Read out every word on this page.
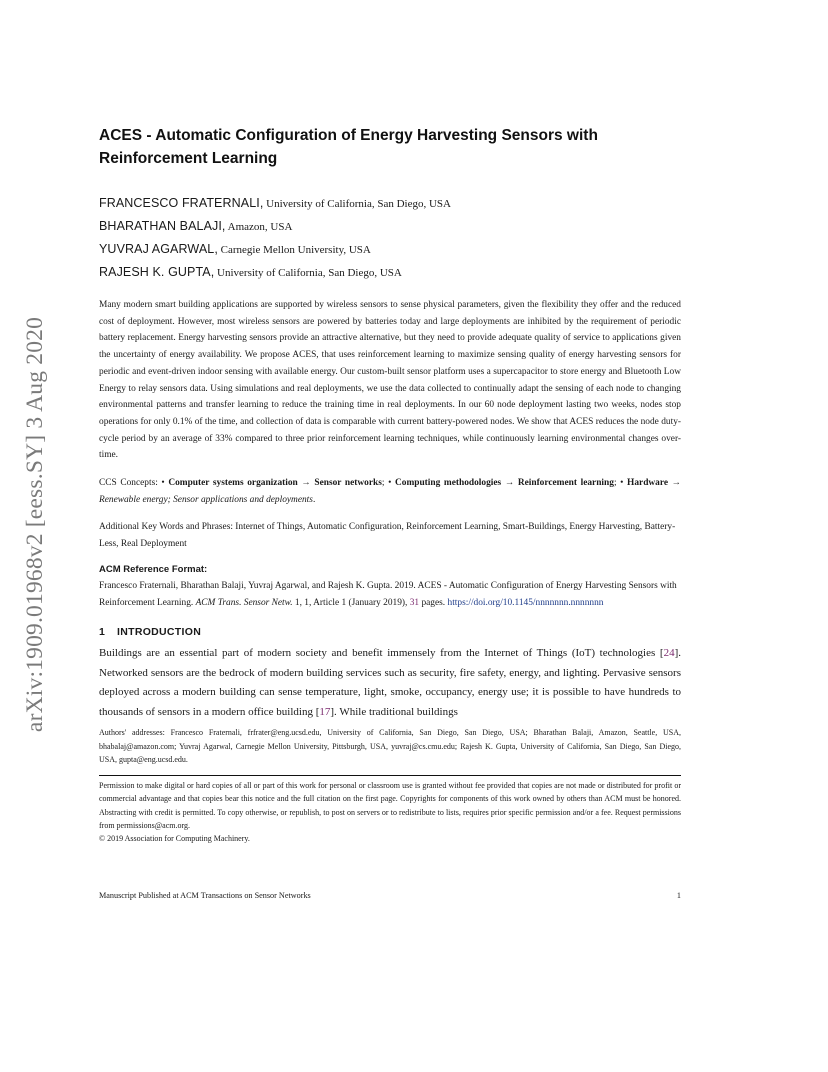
arXiv:1909.01968v2 [eess.SY] 3 Aug 2020
ACES - Automatic Configuration of Energy Harvesting Sensors with
Reinforcement Learning
FRANCESCO FRATERNALI, University of California, San Diego, USA
BHARATHAN BALAJI, Amazon, USA
YUVRAJ AGARWAL, Carnegie Mellon University, USA
RAJESH K. GUPTA, University of California, San Diego, USA
Many modern smart building applications are supported by wireless sensors to sense physical parameters, given the flexibility they offer and the reduced cost of deployment. However, most wireless sensors are powered by batteries today and large deployments are inhibited by the requirement of periodic battery replacement. Energy harvesting sensors provide an attractive alternative, but they need to provide adequate quality of service to applications given the uncertainty of energy availability. We propose ACES, that uses reinforcement learning to maximize sensing quality of energy harvesting sensors for periodic and event-driven indoor sensing with available energy. Our custom-built sensor platform uses a supercapacitor to store energy and Bluetooth Low Energy to relay sensors data. Using simulations and real deployments, we use the data collected to continually adapt the sensing of each node to changing environmental patterns and transfer learning to reduce the training time in real deployments. In our 60 node deployment lasting two weeks, nodes stop operations for only 0.1% of the time, and collection of data is comparable with current battery-powered nodes. We show that ACES reduces the node duty-cycle period by an average of 33% compared to three prior reinforcement learning techniques, while continuously learning environmental changes over-time.
CCS Concepts: • Computer systems organization → Sensor networks; • Computing methodologies → Reinforcement learning; • Hardware → Renewable energy; Sensor applications and deployments.
Additional Key Words and Phrases: Internet of Things, Automatic Configuration, Reinforcement Learning, Smart-Buildings, Energy Harvesting, Battery-Less, Real Deployment
ACM Reference Format:
Francesco Fraternali, Bharathan Balaji, Yuvraj Agarwal, and Rajesh K. Gupta. 2019. ACES - Automatic Configuration of Energy Harvesting Sensors with Reinforcement Learning. ACM Trans. Sensor Netw. 1, 1, Article 1 (January 2019), 31 pages. https://doi.org/10.1145/nnnnnnn.nnnnnnn
1 INTRODUCTION
Buildings are an essential part of modern society and benefit immensely from the Internet of Things (IoT) technologies [24]. Networked sensors are the bedrock of modern building services such as security, fire safety, energy, and lighting. Pervasive sensors deployed across a modern building can sense temperature, light, smoke, occupancy, energy use; it is possible to have hundreds to thousands of sensors in a modern office building [17]. While traditional buildings
Authors' addresses: Francesco Fraternali, frfrater@eng.ucsd.edu, University of California, San Diego, San Diego, USA; Bharathan Balaji, Amazon, Seattle, USA, bhabalaj@amazon.com; Yuvraj Agarwal, Carnegie Mellon University, Pittsburgh, USA, yuvraj@cs.cmu.edu; Rajesh K. Gupta, University of California, San Diego, San Diego, USA, gupta@eng.ucsd.edu.
Permission to make digital or hard copies of all or part of this work for personal or classroom use is granted without fee provided that copies are not made or distributed for profit or commercial advantage and that copies bear this notice and the full citation on the first page. Copyrights for components of this work owned by others than ACM must be honored. Abstracting with credit is permitted. To copy otherwise, or republish, to post on servers or to redistribute to lists, requires prior specific permission and/or a fee. Request permissions from permissions@acm.org.
© 2019 Association for Computing Machinery.
Manuscript Published at ACM Transactions on Sensor Networks	1
